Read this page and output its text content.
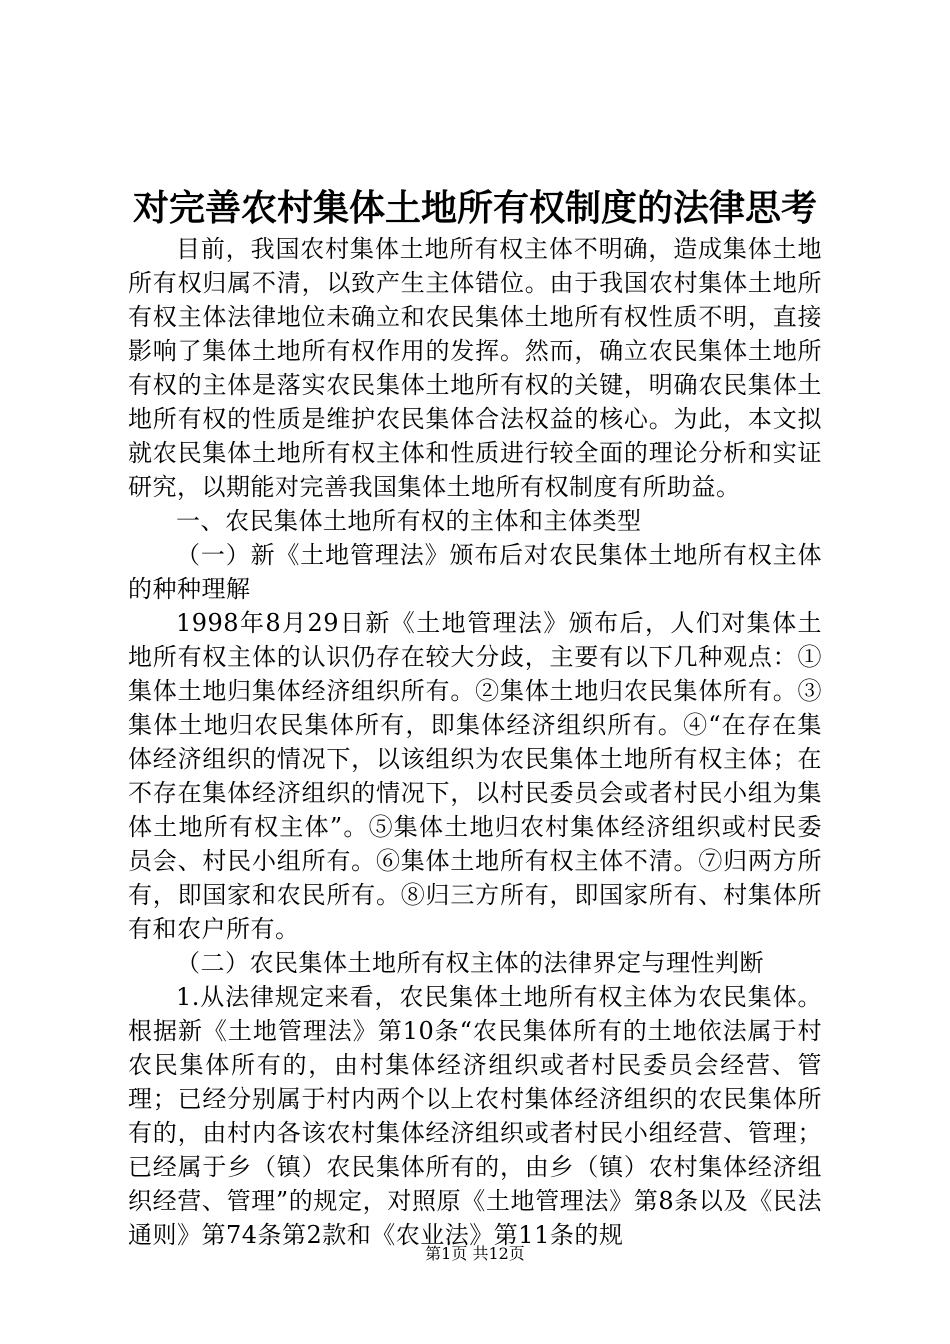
对完善农村集体土地所有权制度的法律思考

目前，我国农村集体土地所有权主体不明确，造成集体土地所有权归属不清，以致产生主体错位。由于我国农村集体土地所有权主体法律地位未确立和农民集体土地所有权性质不明，直接影响了集体土地所有权作用的发挥。然而，确立农民集体土地所有权的主体是落实农民集体土地所有权的关键，明确农民集体土地所有权的性质是维护农民集体合法权益的核心。为此，本文拟就农民集体土地所有权主体和性质进行较全面的理论分析和实证研究，以期能对完善我国集体土地所有权制度有所助益。

一、农民集体土地所有权的主体和主体类型

（一）新《土地管理法》颁布后对农民集体土地所有权主体的种种理解

1998年8月29日新《土地管理法》颁布后，人们对集体土地所有权主体的认识仍存在较大分歧，主要有以下几种观点：①集体土地归集体经济组织所有。②集体土地归农民集体所有。③集体土地归农民集体所有，即集体经济组织所有。④“在存在集体经济组织的情况下，以该组织为农民集体土地所有权主体；在不存在集体经济组织的情况下，以村民委员会或者村民小组为集体土地所有权主体”。⑤集体土地归农村集体经济组织或村民委员会、村民小组所有。⑥集体土地所有权主体不清。⑦归两方所有，即国家和农民所有。⑧归三方所有，即国家所有、村集体所有和农户所有。

（二）农民集体土地所有权主体的法律界定与理性判断

1.从法律规定来看，农民集体土地所有权主体为农民集体。根据新《土地管理法》第10条“农民集体所有的土地依法属于村农民集体所有的，由村集体经济组织或者村民委员会经营、管理；已经分别属于村内两个以上农村集体经济组织的农民集体所有的，由村内各该农村集体经济组织或者村民小组经营、管理；已经属于乡（镇）农民集体所有的，由乡（镇）农村集体经济组织经营、管理”的规定，对照原《土地管理法》第8条以及《民法通则》第74条第2款和《农业法》第11条的规

第1页 共12页
